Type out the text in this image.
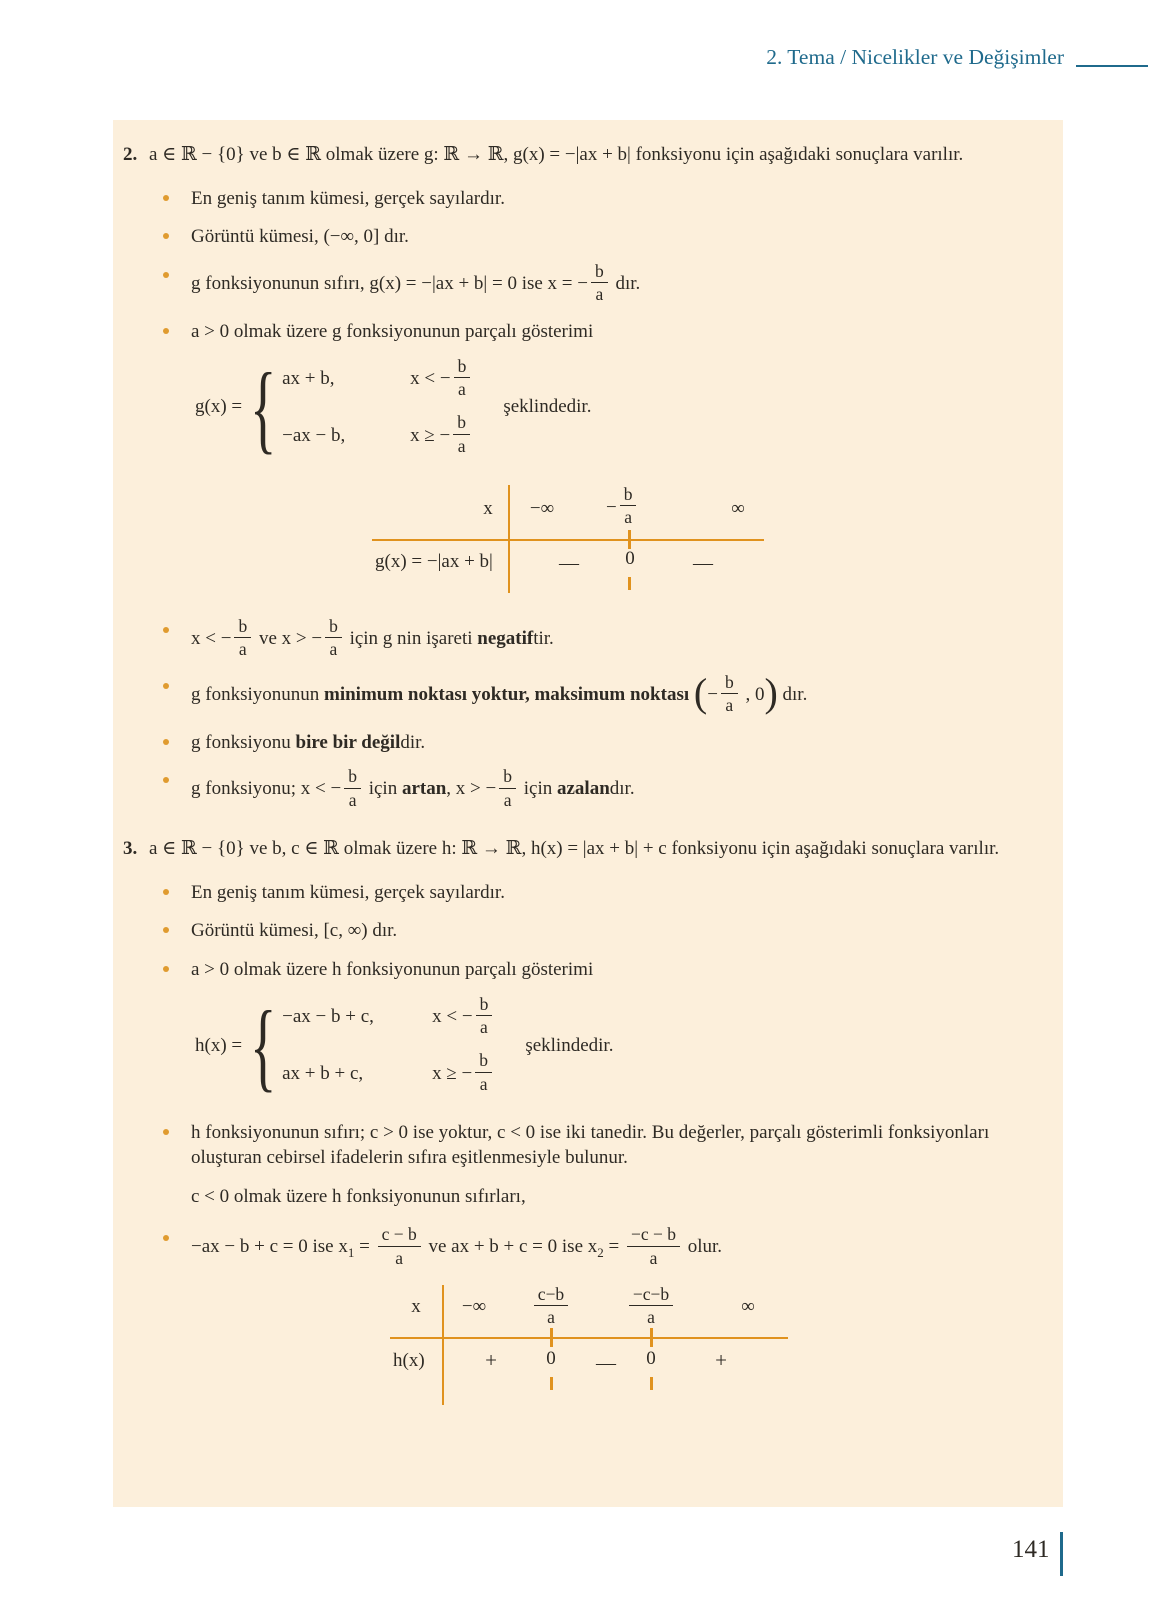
2. Tema / Nicelikler ve Değişimler
2. a ∈ ℝ − {0} ve b ∈ ℝ olmak üzere g: ℝ → ℝ, g(x) = −|ax + b| fonksiyonu için aşağıdaki sonuçlara varılır.
En geniş tanım kümesi, gerçek sayılardır.
Görüntü kümesi, (−∞, 0] dır.
g fonksiyonunun sıfırı, g(x) = −|ax + b| = 0 ise x = − $\frac{b}{a}$ dır.
a > 0 olmak üzere g fonksiyonunun parçalı gösterimi
g(x) = { ax + b,	x < − $\frac{b}{a}$
−ax − b,	x ≥ − $\frac{b}{a}$
şeklindedir.
x	−∞	− $\frac{b}{a}$	∞
g(x) = −|ax + b|	—	0	—
x < − $\frac{b}{a}$ ve x > − $\frac{b}{a}$ için g nin işareti negatiftir.
g fonksiyonunun minimum noktası yoktur, maksimum noktası (− $\frac{b}{a}$ , 0) dır.
g fonksiyonu bire bir değildir.
g fonksiyonu; x < − $\frac{b}{a}$ için artan, x > − $\frac{b}{a}$ için azalandır.
3. a ∈ ℝ − {0} ve b, c ∈ ℝ olmak üzere h: ℝ → ℝ, h(x) = |ax + b| + c fonksiyonu için aşağıdaki sonuçlara varılır.
En geniş tanım kümesi, gerçek sayılardır.
Görüntü kümesi, [c, ∞) dır.
a > 0 olmak üzere h fonksiyonunun parçalı gösterimi
h(x) = { −ax − b + c,	x < − $\frac{b}{a}$
ax + b + c,	x ≥ − $\frac{b}{a}$
şeklindedir.
h fonksiyonunun sıfırı; c > 0 ise yoktur, c < 0 ise iki tanedir. Bu değerler, parçalı gösterimli fonksiyonları oluşturan cebirsel ifadelerin sıfıra eşitlenmesiyle bulunur.
c < 0 olmak üzere h fonksiyonunun sıfırları,
−ax − b + c = 0 ise $x_1 = \frac{c - b}{a}$ ve ax + b + c = 0 ise $x_2 = \frac{-c - b}{a}$ olur.
x	−∞	$\frac{c-b}{a}$	$\frac{-c-b}{a}$	∞
h(x)	+	0	—	0	+
141
